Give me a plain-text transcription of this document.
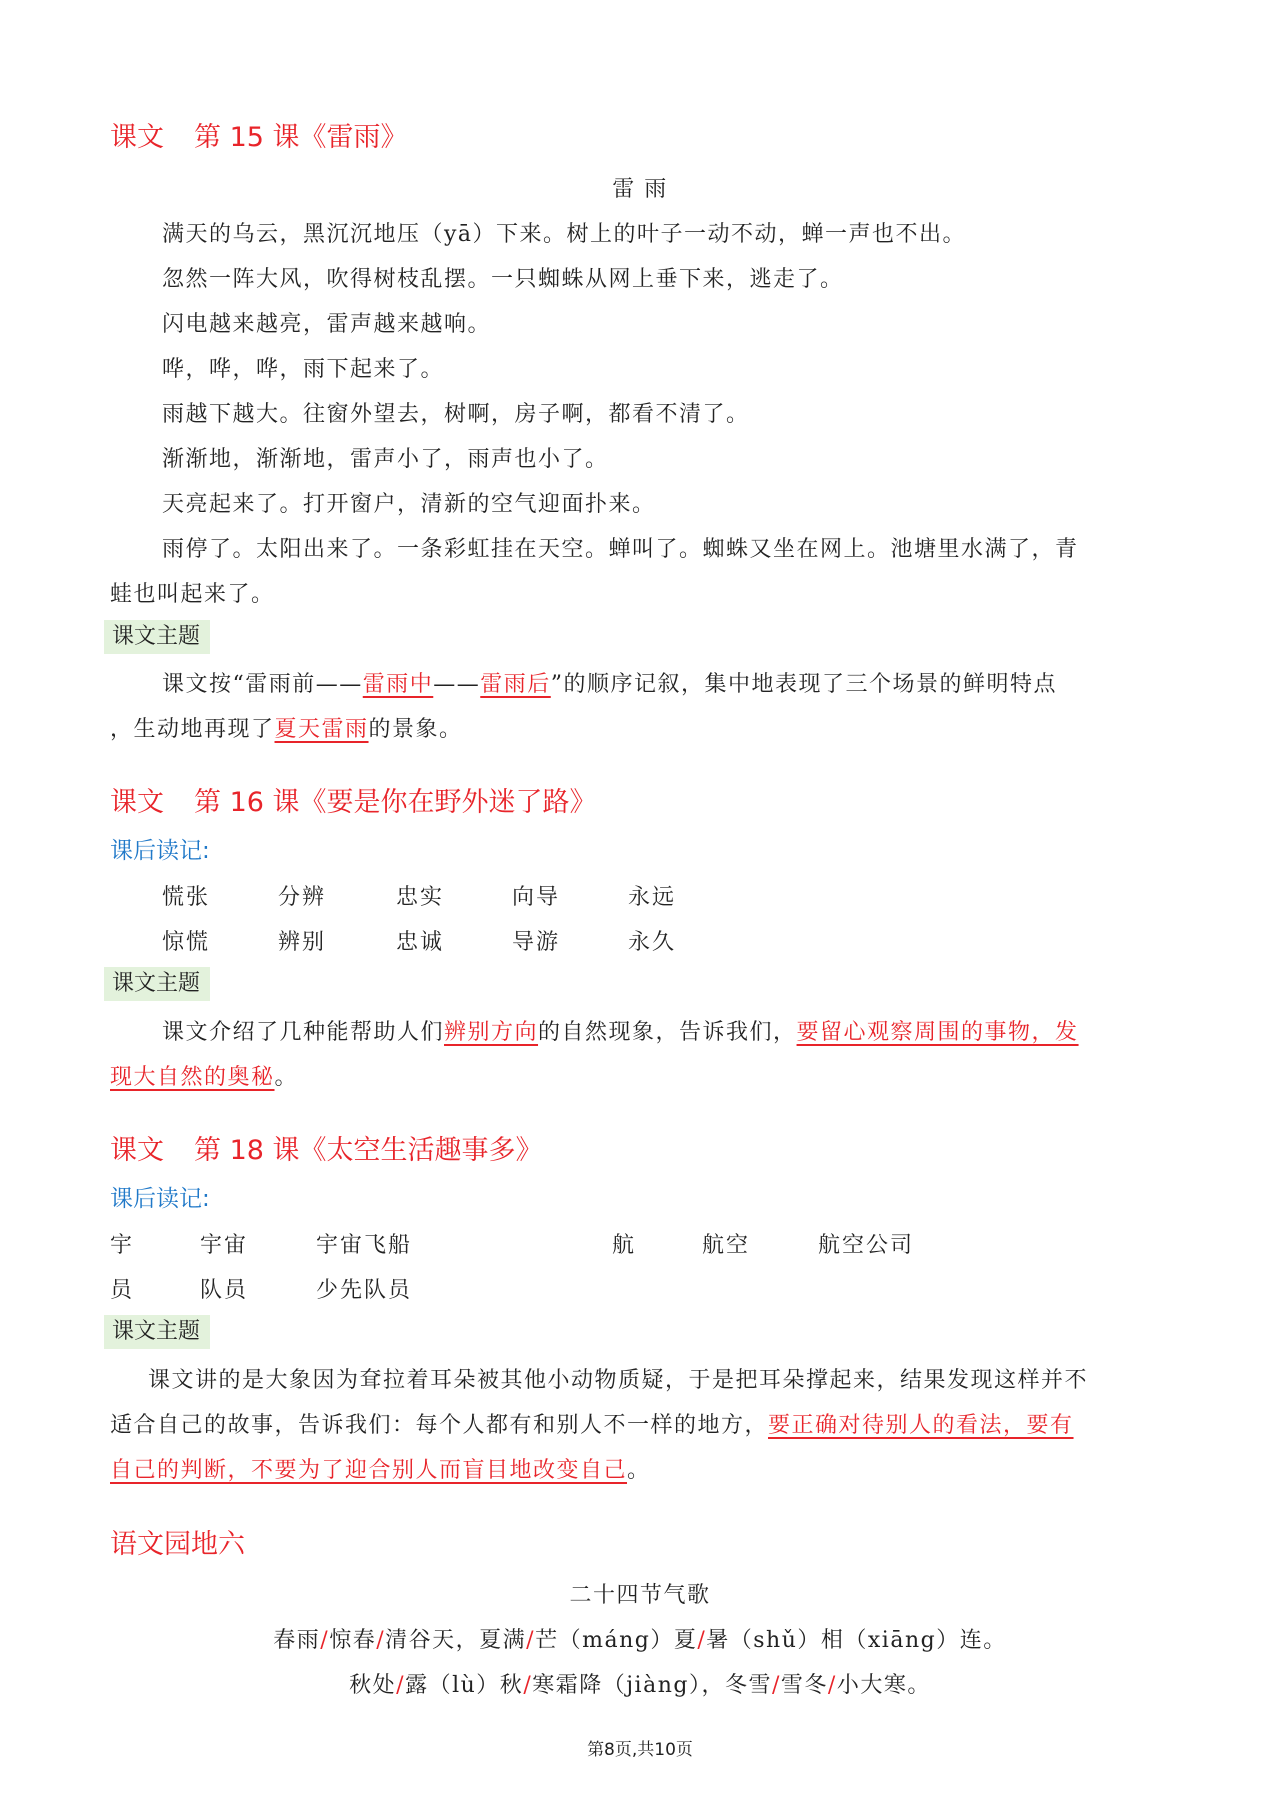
课文 第 15 课《雷雨》
雷 雨
满天的乌云，黑沉沉地压（yā）下来。树上的叶子一动不动，蝉一声也不出。
忽然一阵大风，吹得树枝乱摆。一只蜘蛛从网上垂下来，逃走了。
闪电越来越亮，雷声越来越响。
哗，哗，哗，雨下起来了。
雨越下越大。往窗外望去，树啊，房子啊，都看不清了。
渐渐地，渐渐地，雷声小了，雨声也小了。
天亮起来了。打开窗户，清新的空气迎面扑来。
雨停了。太阳出来了。一条彩虹挂在天空。蝉叫了。蜘蛛又坐在网上。池塘里水满了，青
蛙也叫起来了。
课文主题
课文按“雷雨前——雷雨中——雷雨后”的顺序记叙，集中地表现了三个场景的鲜明特点
，生动地再现了夏天雷雨的景象。
课文 第 16 课《要是你在野外迷了路》
课后读记:
慌张	分辨	忠实	向导	永远
惊慌	辨别	忠诚	导游	永久
课文主题
课文介绍了几种能帮助人们辨别方向的自然现象，告诉我们，要留心观察周围的事物，发
现大自然的奥秘。
课文 第 18 课《太空生活趣事多》
课后读记:
宇	宇宙	宇宙飞船	航	航空	航空公司
员	队员	少先队员
课文主题
课文讲的是大象因为耷拉着耳朵被其他小动物质疑，于是把耳朵撑起来，结果发现这样并不
适合自己的故事，告诉我们：每个人都有和别人不一样的地方，要正确对待别人的看法，要有
自己的判断，不要为了迎合别人而盲目地改变自己。
语文园地六
二十四节气歌
春雨/惊春/清谷天，夏满/芒（máng）夏/暑（shǔ）相（xiāng）连。
秋处/露（lù）秋/寒霜降（jiàng），冬雪/雪冬/小大寒。
第8页,共10页
